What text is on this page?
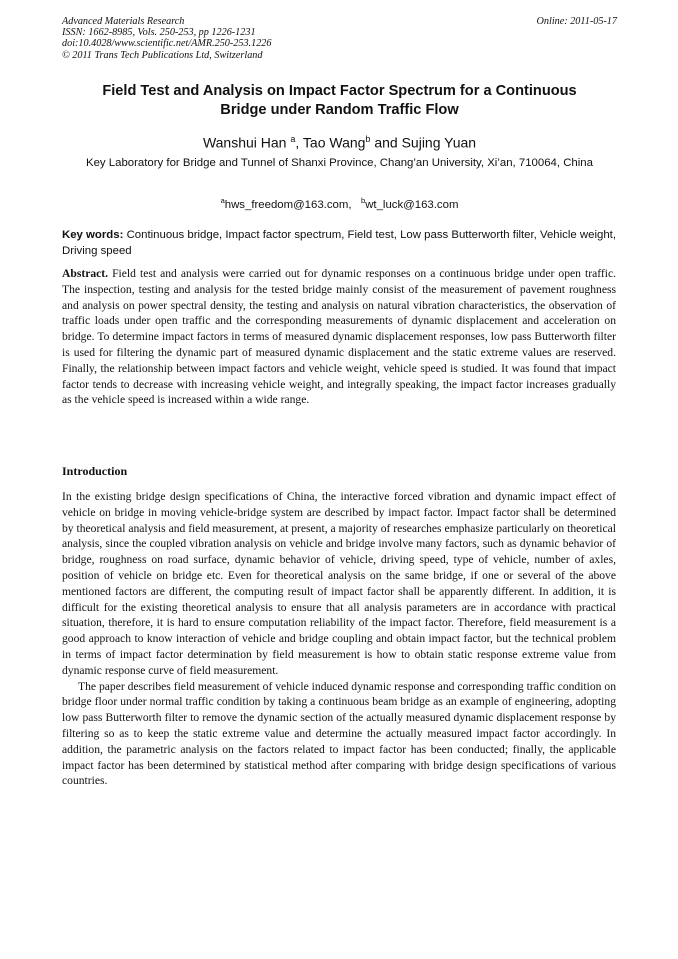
Advanced Materials Research
ISSN: 1662-8985, Vols. 250-253, pp 1226-1231
doi:10.4028/www.scientific.net/AMR.250-253.1226
© 2011 Trans Tech Publications Ltd, Switzerland
Online: 2011-05-17
Field Test and Analysis on Impact Factor Spectrum for a Continuous
Bridge under Random Traffic Flow
Wanshui Han $^a$, Tao Wang$^b$ and Sujing Yuan
Key Laboratory for Bridge and Tunnel of Shanxi Province, Chang’an University, Xi’an, 710064, China
$^a$hws_freedom@163.com, $^b$wt_luck@163.com
Key words: Continuous bridge, Impact factor spectrum, Field test, Low pass Butterworth filter, Vehicle weight, Driving speed
Abstract. Field test and analysis were carried out for dynamic responses on a continuous bridge under open traffic. The inspection, testing and analysis for the tested bridge mainly consist of the measurement of pavement roughness and analysis on power spectral density, the testing and analysis on natural vibration characteristics, the observation of traffic loads under open traffic and the corresponding measurements of dynamic displacement and acceleration on bridge. To determine impact factors in terms of measured dynamic displacement responses, low pass Butterworth filter is used for filtering the dynamic part of measured dynamic displacement and the static extreme values are reserved. Finally, the relationship between impact factors and vehicle weight, vehicle speed is studied. It was found that impact factor tends to decrease with increasing vehicle weight, and integrally speaking, the impact factor increases gradually as the vehicle speed is increased within a wide range.
Introduction

In the existing bridge design specifications of China, the interactive forced vibration and dynamic impact effect of vehicle on bridge in moving vehicle-bridge system are described by impact factor. Impact factor shall be determined by theoretical analysis and field measurement, at present, a majority of researches emphasize particularly on theoretical analysis, since the coupled vibration analysis on vehicle and bridge involve many factors, such as dynamic behavior of bridge, roughness on road surface, dynamic behavior of vehicle, driving speed, type of vehicle, number of axles, position of vehicle on bridge etc. Even for theoretical analysis on the same bridge, if one or several of the above mentioned factors are different, the computing result of impact factor shall be apparently different. In addition, it is difficult for the existing theoretical analysis to ensure that all analysis parameters are in accordance with practical situation, therefore, it is hard to ensure computation reliability of the impact factor. Therefore, field measurement is a good approach to know interaction of vehicle and bridge coupling and obtain impact factor, but the technical problem in terms of impact factor determination by field measurement is how to obtain static response extreme value from dynamic response curve of field measurement.

The paper describes field measurement of vehicle induced dynamic response and corresponding traffic condition on bridge floor under normal traffic condition by taking a continuous beam bridge as an example of engineering, adopting low pass Butterworth filter to remove the dynamic section of the actually measured dynamic displacement response by filtering so as to keep the static extreme value and determine the actually measured impact factor accordingly. In addition, the parametric analysis on the factors related to impact factor has been conducted; finally, the applicable impact factor has been determined by statistical method after comparing with bridge design specifications of various countries.
